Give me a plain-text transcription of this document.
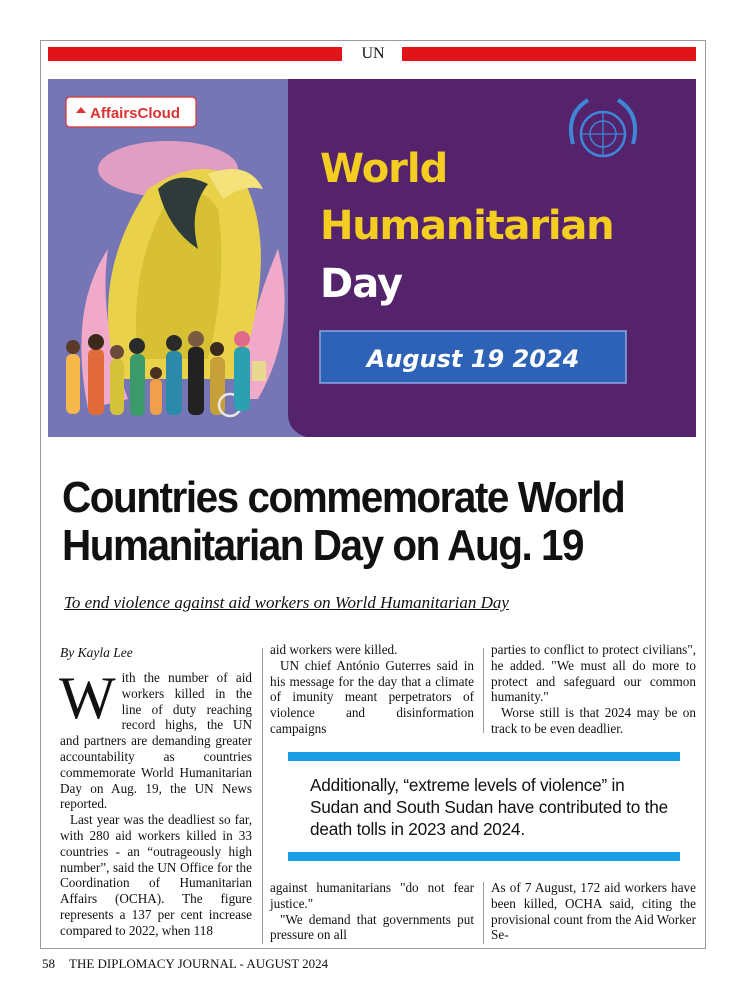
UN
AffairsCloud
World
Humanitarian
Day
August 19 2024
Countries commemorate World Humanitarian Day on Aug. 19
To end violence against aid workers on World Humanitarian Day
By Kayla Lee

With the number of aid workers killed in the line of duty reaching record highs, the UN and partners are demanding greater accountability as countries commemorate World Humanitarian Day on Aug. 19, the UN News reported.

Last year was the deadliest so far, with 280 aid workers killed in 33 countries - an “outrageously high number”, said the UN Office for the Coordination of Humanitarian Affairs (OCHA). The figure represents a 137 per cent increase compared to 2022, when 118

aid workers were killed.

UN chief António Guterres said in his message for the day that a climate of imunity meant perpetrators of violence and disinformation campaigns

parties to conflict to protect civilians", he added. "We must all do more to protect and safeguard our common humanity."

Worse still is that 2024 may be on track to be even deadlier.

Additionally, “extreme levels of violence” in Sudan and South Sudan have contributed to the death tolls in 2023 and 2024.

against humanitarians "do not fear justice."

"We demand that governments put pressure on all

As of 7 August, 172 aid workers have been killed, OCHA said, citing the provisional count from the Aid Worker Se-

58 THE DIPLOMACY JOURNAL - AUGUST 2024
